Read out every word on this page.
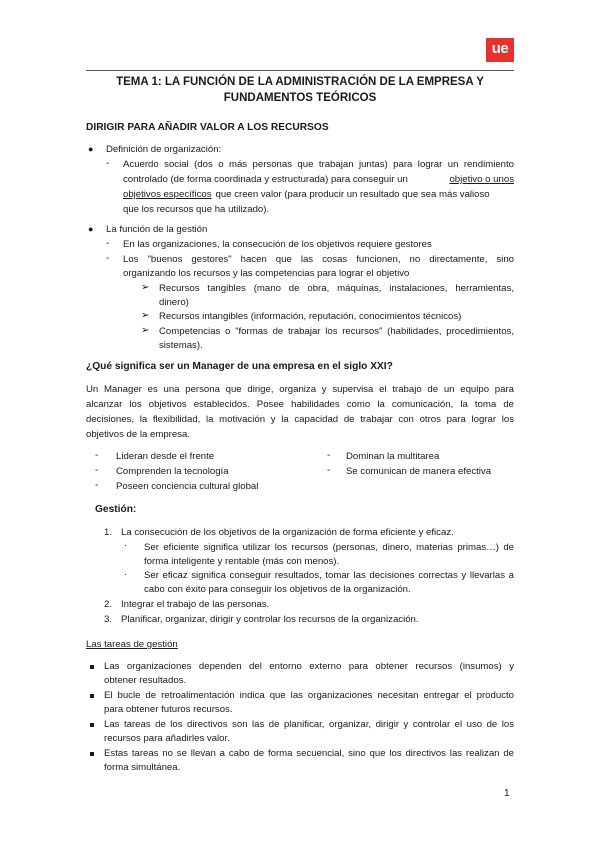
ue
TEMA 1: LA FUNCIÓN DE LA ADMINISTRACIÓN DE LA EMPRESA Y
FUNDAMENTOS TEÓRICOS
DIRIGIR PARA AÑADIR VALOR A LOS RECURSOS
● Definición de organización:
- Acuerdo social (dos o más personas que trabajan juntas) para lograr un rendimiento
controlado (de forma coordinada y estructurada) para conseguir un	objetivo o unos
objetivos específicos que creen valor (para producir un resultado que sea más valioso
que los recursos que ha utilizado).
● La función de la gestión
- En las organizaciones, la consecución de los objetivos requiere gestores
- Los "buenos gestores" hacen que las cosas funcionen, no directamente, sino
organizando los recursos y las competencias para lograr el objetivo
➢ Recursos tangibles (mano de obra, máquinas, instalaciones, herramientas,
dinero)
➢ Recursos intangibles (información, reputación, conocimientos técnicos)
➢ Competencias o "formas de trabajar los recursos" (habilidades, procedimientos,
sistemas).
¿Qué significa ser un Manager de una empresa en el siglo XXI?
Un Manager es una persona que dirige, organiza y supervisa el trabajo de un equipo para
alcanzar los objetivos establecidos. Posee habilidades como la comunicación, la toma de
decisiones, la flexibilidad, la motivación y la capacidad de trabajar con otros para lograr los
objetivos de la empresa.
- Lideran desde el frente
- Comprenden la tecnología
- Poseen conciencia cultural global
- Dominan la multitarea
- Se comunican de manera efectiva
Gestión:
1. La consecución de los objetivos de la organización de forma eficiente y eficaz.
· Ser eficiente significa utilizar los recursos (personas, dinero, materias primas…) de
forma inteligente y rentable (más con menos).
· Ser eficaz significa conseguir resultados, tomar las decisiones correctas y llevarlas a
cabo con éxito para conseguir los objetivos de la organización.
2. Integrar el trabajo de las personas.
3. Planificar, organizar, dirigir y controlar los recursos de la organización.
Las tareas de gestión
Las organizaciones dependen del entorno externo para obtener recursos (insumos) y
obtener resultados.
El bucle de retroalimentación indica que las organizaciones necesitan entregar el producto
para obtener futuros recursos.
Las tareas de los directivos son las de planificar, organizar, dirigir y controlar el uso de los
recursos para añadirles valor.
Estas tareas no se llevan a cabo de forma secuencial, sino que los directivos las realizan de
forma simultánea.
1
